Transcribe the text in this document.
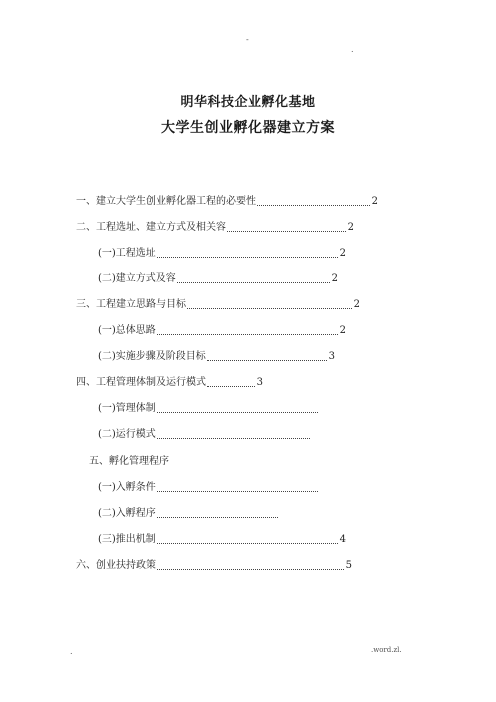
-
.
明华科技企业孵化基地
大学生创业孵化器建立方案
一、建立大学生创业孵化器工程的必要性	2
二、工程选址、建立方式及相关容	2
(一)工程选址	2
(二)建立方式及容	2
三、工程建立思路与目标	2
(一)总体思路	2
(二)实施步骤及阶段目标	3
四、工程管理体制及运行模式	3
(一)管理体制
(二)运行模式
五、孵化管理程序
(一)入孵条件
(二)入孵程序
(三)推出机制	4
六、创业扶持政策	5
.	.word.zl.
